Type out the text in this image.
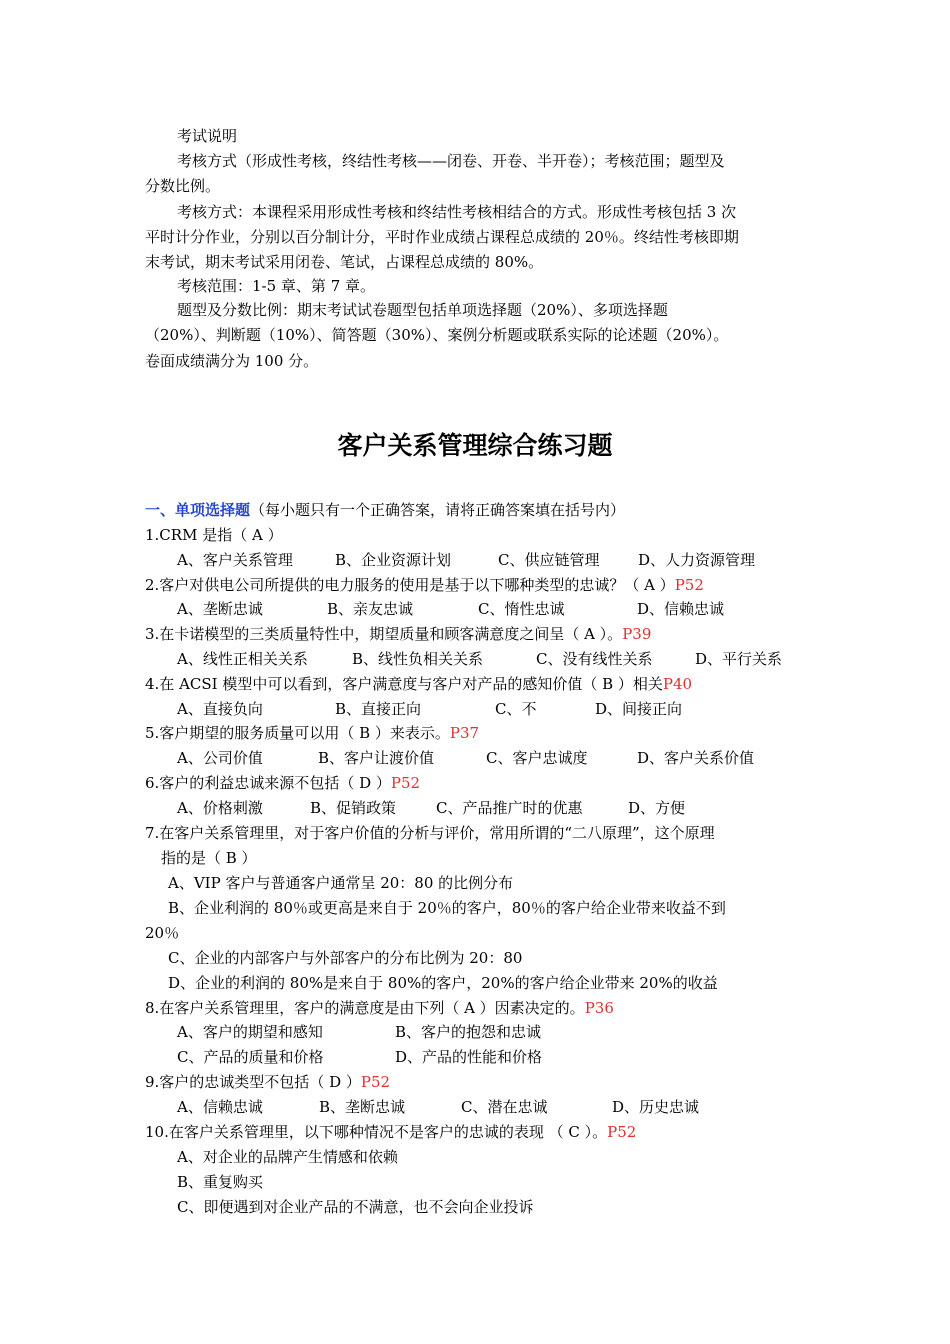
考试说明
考核方式（形成性考核，终结性考核——闭卷、开卷、半开卷）；考核范围；题型及
分数比例。
考核方式：本课程采用形成性考核和终结性考核相结合的方式。形成性考核包括 3 次
平时计分作业，分别以百分制计分，平时作业成绩占课程总成绩的 20％。终结性考核即期
末考试，期末考试采用闭卷、笔试，占课程总成绩的 80%。
考核范围：1-5 章、第 7 章。
题型及分数比例：期末考试试卷题型包括单项选择题（20%）、多项选择题
（20%）、判断题（10%）、简答题（30%）、案例分析题或联系实际的论述题（20%）。
卷面成绩满分为 100 分。
客户关系管理综合练习题
一、单项选择题（每小题只有一个正确答案，请将正确答案填在括号内）
1.CRM 是指（ A ）
A、客户关系管理	B、企业资源计划	C、供应链管理	D、人力资源管理
2.客户对供电公司所提供的电力服务的使用是基于以下哪种类型的忠诚？（ A ）P52
A、垄断忠诚	B、亲友忠诚	C、惰性忠诚	D、信赖忠诚
3.在卡诺模型的三类质量特性中，期望质量和顾客满意度之间呈（ A ）。P39
A、线性正相关关系	B、线性负相关关系	C、没有线性关系	D、平行关系
4.在 ACSI 模型中可以看到，客户满意度与客户对产品的感知价值（ B ）相关P40
A、直接负向	B、直接正向	C、不	D、间接正向
5.客户期望的服务质量可以用（ B ）来表示。P37
A、公司价值	B、客户让渡价值	C、客户忠诚度	D、客户关系价值
6.客户的利益忠诚来源不包括（ D ）P52
A、价格刺激	B、促销政策	C、产品推广时的优惠	D、方便
7.在客户关系管理里，对于客户价值的分析与评价，常用所谓的“二八原理”，这个原理
指的是（ B ）
A、VIP 客户与普通客户通常呈 20：80 的比例分布
B、企业利润的 80％或更高是来自于 20％的客户，80％的客户给企业带来收益不到
20％
C、企业的内部客户与外部客户的分布比例为 20：80
D、企业的利润的 80%是来自于 80%的客户，20%的客户给企业带来 20%的收益
8.在客户关系管理里，客户的满意度是由下列（ A ）因素决定的。P36
A、客户的期望和感知	B、客户的抱怨和忠诚
C、产品的质量和价格	D、产品的性能和价格
9.客户的忠诚类型不包括（ D ）P52
A、信赖忠诚	B、垄断忠诚	C、潜在忠诚	D、历史忠诚
10.在客户关系管理里，以下哪种情况不是客户的忠诚的表现 （ C ）。P52
A、对企业的品牌产生情感和依赖
B、重复购买
C、即便遇到对企业产品的不满意，也不会向企业投诉
